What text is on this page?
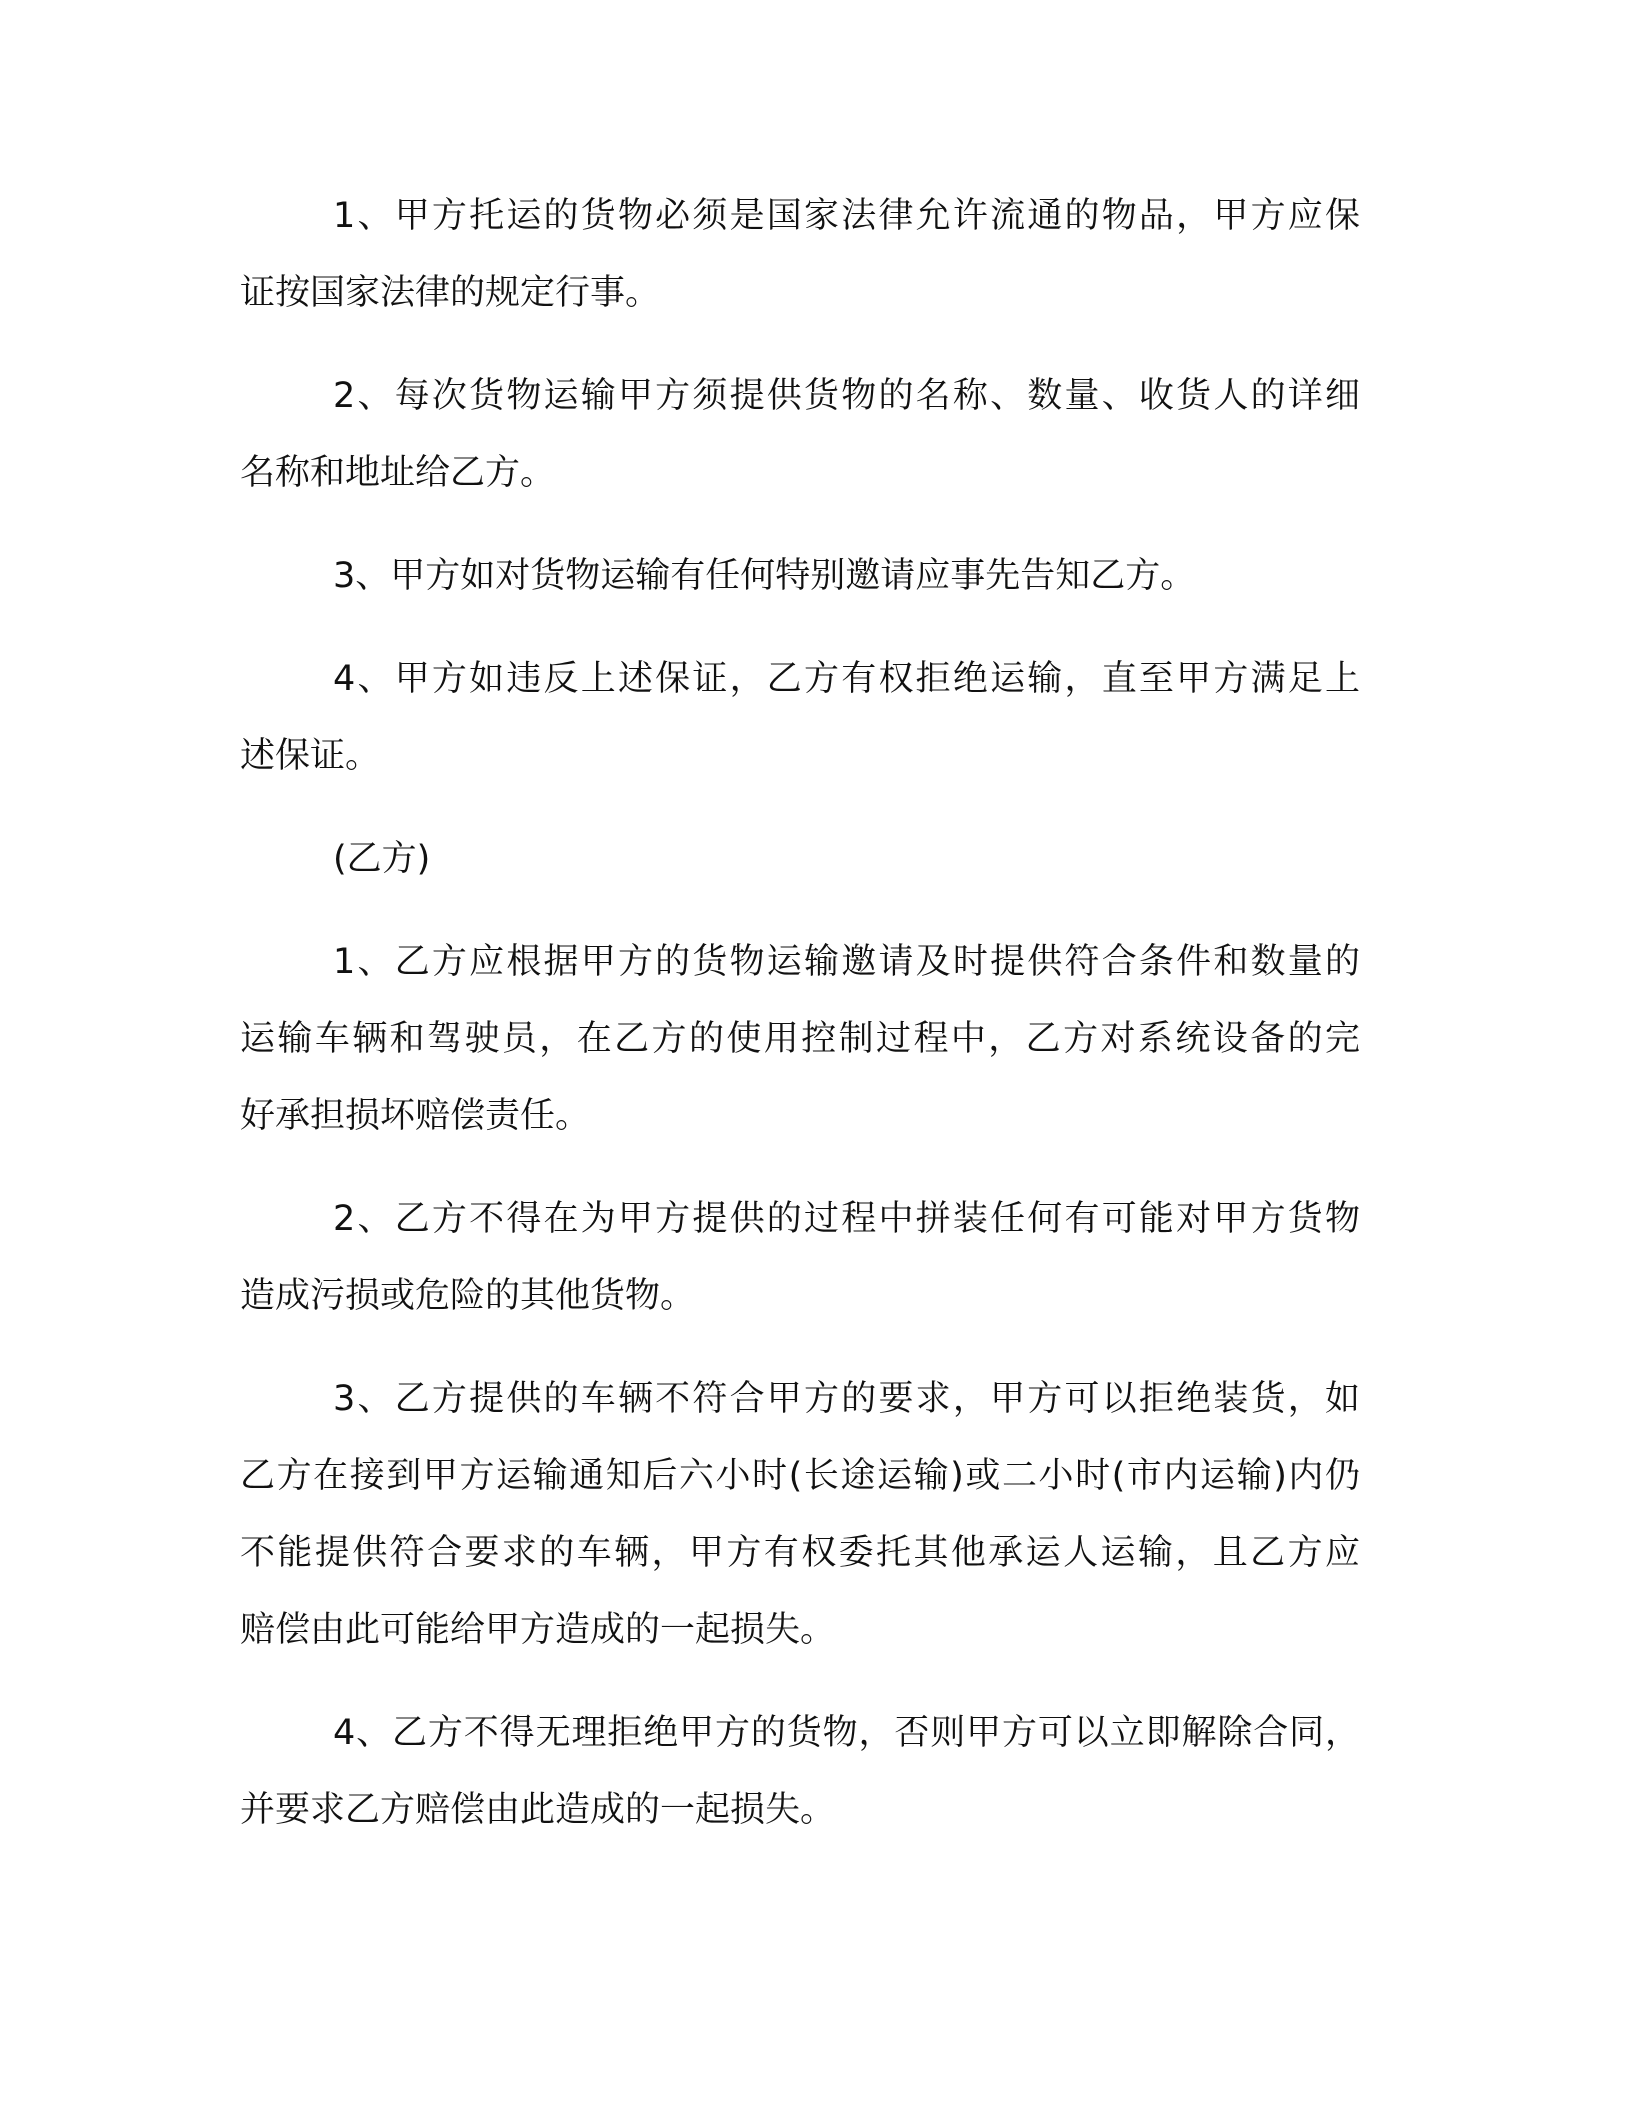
1、甲方托运的货物必须是国家法律允许流通的物品，甲方应保
证按国家法律的规定行事。
2、每次货物运输甲方须提供货物的名称、数量、收货人的详细
名称和地址给乙方。
3、甲方如对货物运输有任何特别邀请应事先告知乙方。
4、甲方如违反上述保证，乙方有权拒绝运输，直至甲方满足上
述保证。
(乙方)
1、乙方应根据甲方的货物运输邀请及时提供符合条件和数量的
运输车辆和驾驶员，在乙方的使用控制过程中，乙方对系统设备的完
好承担损坏赔偿责任。
2、乙方不得在为甲方提供的过程中拼装任何有可能对甲方货物
造成污损或危险的其他货物。
3、乙方提供的车辆不符合甲方的要求，甲方可以拒绝装货，如
乙方在接到甲方运输通知后六小时(长途运输)或二小时(市内运输)内仍
不能提供符合要求的车辆，甲方有权委托其他承运人运输，且乙方应
赔偿由此可能给甲方造成的一起损失。
4、乙方不得无理拒绝甲方的货物，否则甲方可以立即解除合同，
并要求乙方赔偿由此造成的一起损失。
